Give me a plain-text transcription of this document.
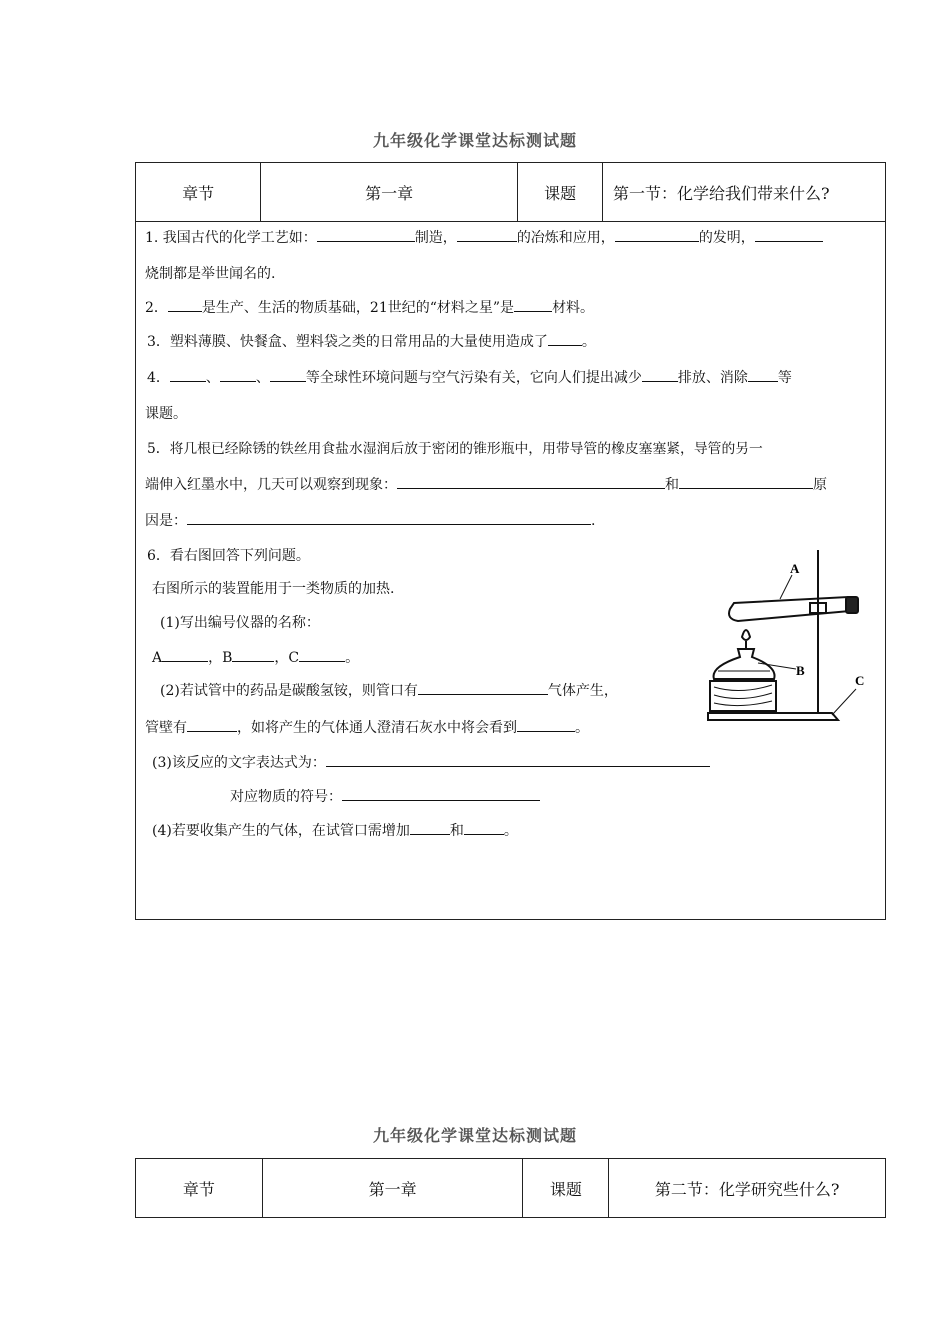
九年级化学课堂达标测试题
章节	第一章	课题	第一节：化学给我们带来什么?
1. 我国古代的化学工艺如：	制造，	的冶炼和应用，	的发明，
烧制都是举世闻名的.
2． 是生产、生活的物质基础，21世纪的“材料之星”是	材料。
3．塑料薄膜、快餐盒、塑料袋之类的日常用品的大量使用造成了 。
4．	、	、	等全球性环境问题与空气污染有关，它向人们提出减少	排放、消除 等
课题。
5．将几根已经除锈的铁丝用食盐水湿润后放于密闭的锥形瓶中，用带导管的橡皮塞塞紧，导管的另一
端伸入红墨水中，几天可以观察到现象：	和	原
因是：	.
6．看右图回答下列问题。
右图所示的装置能用于一类物质的加热.
(1)写出编号仪器的名称：
A	，B	，C	。
(2)若试管中的药品是碳酸氢铵，则管口有	气体产生，
管壁有	，如将产生的气体通人澄清石灰水中将会看到	。
(3)该反应的文字表达式为：
对应物质的符号：
(4)若要收集产生的气体，在试管口需增加	和	。
A
B
C
九年级化学课堂达标测试题
章节	第一章	课题	第二节：化学研究些什么?
